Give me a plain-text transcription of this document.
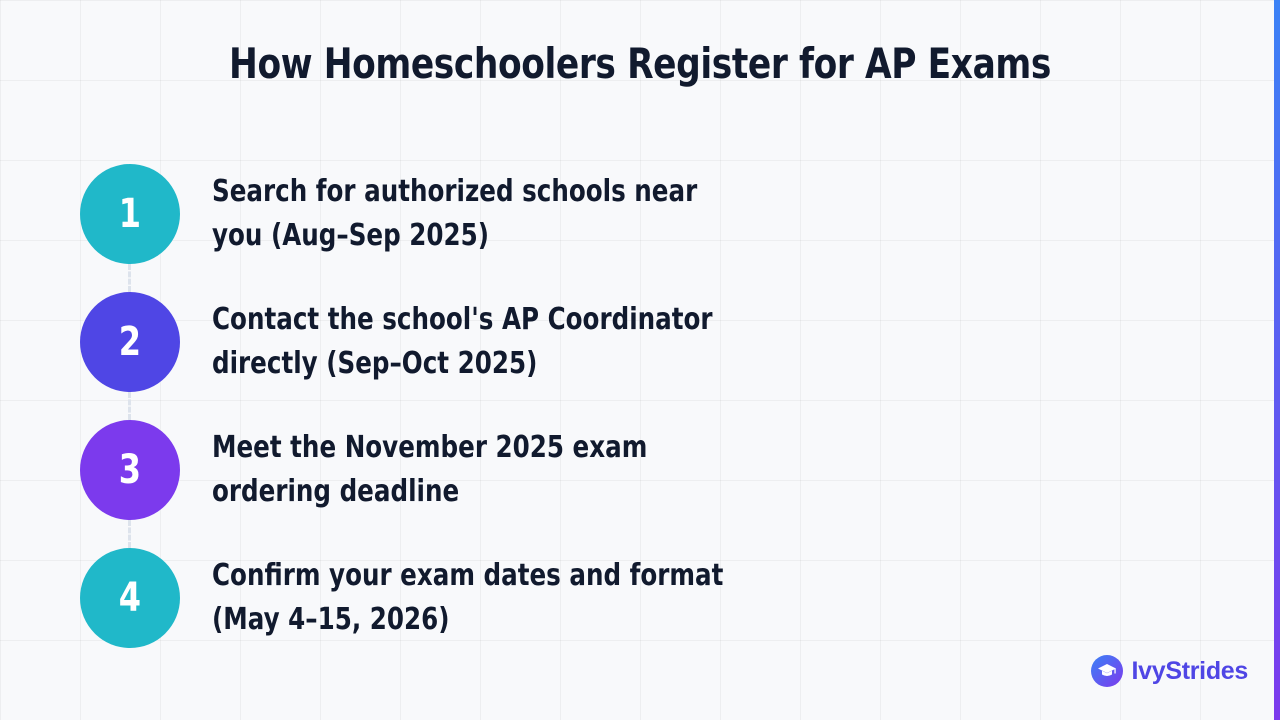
How Homeschoolers Register for AP Exams
1 Search for authorized schools near you (Aug–Sep 2025)
2 Contact the school's AP Coordinator directly (Sep–Oct 2025)
3 Meet the November 2025 exam ordering deadline
4 Confirm your exam dates and format (May 4–15, 2026)
IvyStrides
